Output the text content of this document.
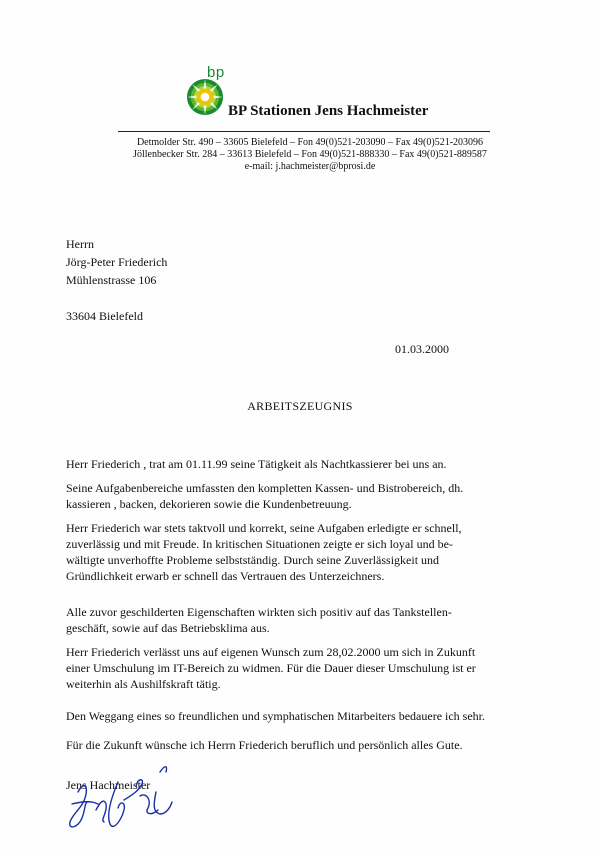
bp
BP Stationen Jens Hachmeister
Detmolder Str. 490 – 33605 Bielefeld – Fon 49(0)521-203090 – Fax 49(0)521-203096
Jöllenbecker Str. 284 – 33613 Bielefeld – Fon 49(0)521-888330 – Fax 49(0)521-889587
e-mail: j.hachmeister@bprosi.de
Herrn
Jörg-Peter Friederich
Mühlenstrasse 106
33604 Bielefeld
01.03.2000
ARBEITSZEUGNIS
Herr Friederich , trat am 01.11.99 seine Tätigkeit als Nachtkassierer bei uns an.
Seine Aufgabenbereiche umfassten den kompletten Kassen- und Bistrobereich, dh.
kassieren , backen, dekorieren sowie die Kundenbetreuung.
Herr Friederich war stets taktvoll und korrekt, seine Aufgaben erledigte er schnell,
zuverlässig und mit Freude. In kritischen Situationen zeigte er sich loyal und be-
wältigte unverhoffte Probleme selbstständig. Durch seine Zuverlässigkeit und
Gründlichkeit erwarb er schnell das Vertrauen des Unterzeichners.
Alle zuvor geschilderten Eigenschaften wirkten sich positiv auf das Tankstellen-
geschäft, sowie auf das Betriebsklima aus.
Herr Friederich verlässt uns auf eigenen Wunsch zum 28,02.2000 um sich in Zukunft
einer Umschulung im IT-Bereich zu widmen. Für die Dauer dieser Umschulung ist er
weiterhin als Aushilfskraft tätig.
Den Weggang eines so freundlichen und symphatischen Mitarbeiters bedauere ich sehr.
Für die Zukunft wünsche ich Herrn Friederich beruflich und persönlich alles Gute.
Jens Hachmeister
